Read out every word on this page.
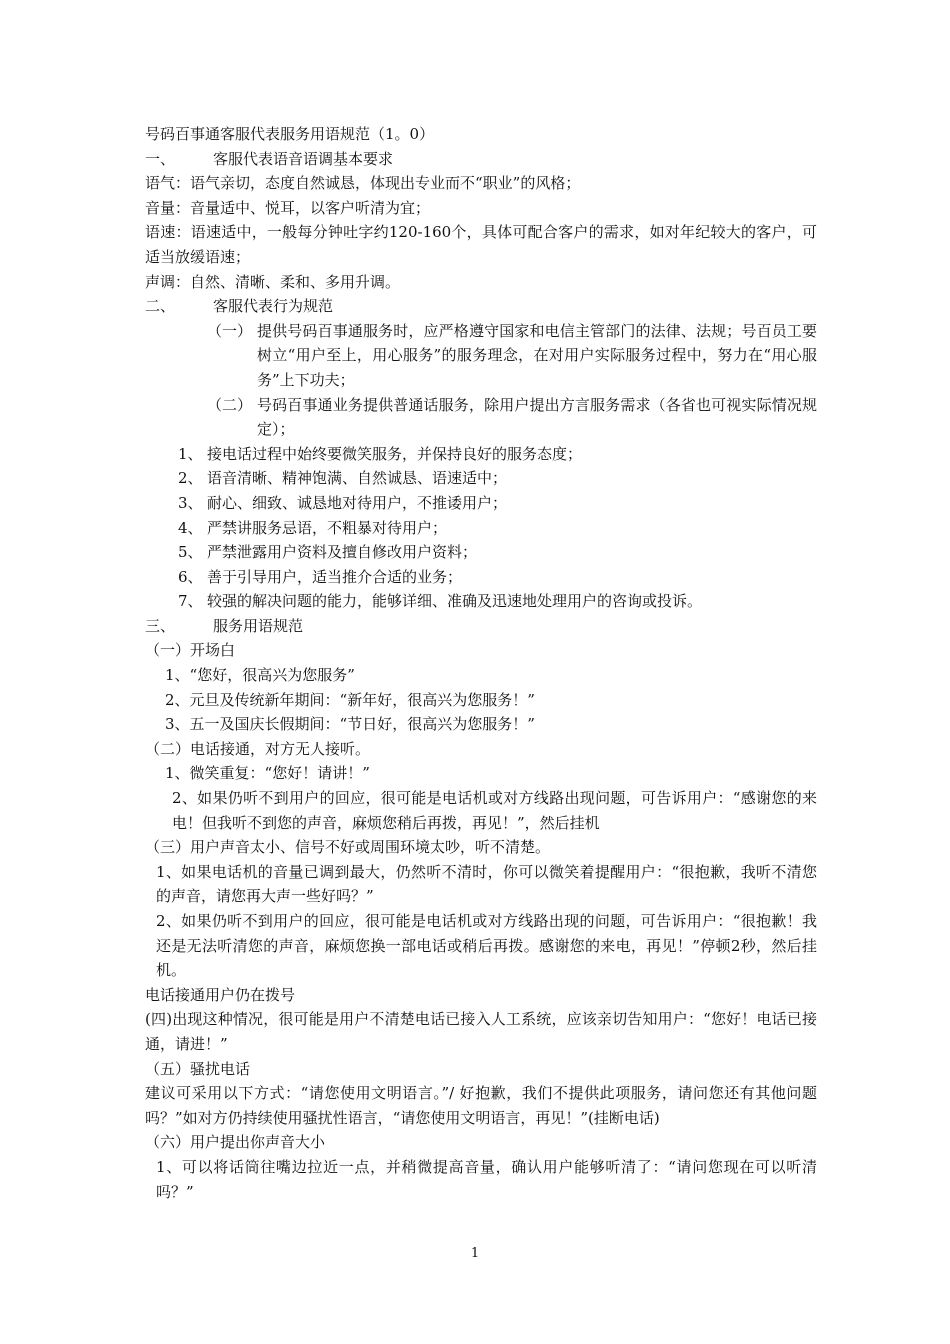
号码百事通客服代表服务用语规范（1。0）
一、	客服代表语音语调基本要求
语气：语气亲切，态度自然诚恳，体现出专业而不“职业”的风格；
音量：音量适中、悦耳，以客户听清为宜；
语速：语速适中，一般每分钟吐字约120-160个，具体可配合客户的需求，如对年纪较大的客户，可适当放缓语速；
声调：自然、清晰、柔和、多用升调。
二、	客服代表行为规范
（一） 提供号码百事通服务时，应严格遵守国家和电信主管部门的法律、法规；号百员工要树立“用户至上，用心服务”的服务理念，在对用户实际服务过程中，努力在“用心服务”上下功夫；
（二） 号码百事通业务提供普通话服务，除用户提出方言服务需求（各省也可视实际情况规定）；
1、 接电话过程中始终要微笑服务，并保持良好的服务态度；
2、 语音清晰、精神饱满、自然诚恳、语速适中；
3、 耐心、细致、诚恳地对待用户，不推诿用户；
4、 严禁讲服务忌语，不粗暴对待用户；
5、 严禁泄露用户资料及擅自修改用户资料；
6、 善于引导用户，适当推介合适的业务；
7、 较强的解决问题的能力，能够详细、准确及迅速地处理用户的咨询或投诉。
三、	服务用语规范
（一）开场白
1、“您好，很高兴为您服务”
2、元旦及传统新年期间：“新年好，很高兴为您服务！”
3、五一及国庆长假期间：“节日好，很高兴为您服务！”
（二）电话接通，对方无人接听。
1、微笑重复：“您好！请讲！”
2、如果仍听不到用户的回应，很可能是电话机或对方线路出现问题，可告诉用户：“感谢您的来电！但我听不到您的声音，麻烦您稍后再拨，再见！”，然后挂机
（三）用户声音太小、信号不好或周围环境太吵，听不清楚。
1、如果电话机的音量已调到最大，仍然听不清时，你可以微笑着提醒用户：“很抱歉，我听不清您的声音，请您再大声一些好吗？”
2、如果仍听不到用户的回应，很可能是电话机或对方线路出现的问题，可告诉用户：“很抱歉！我还是无法听清您的声音，麻烦您换一部电话或稍后再拨。感谢您的来电，再见！”停顿2秒，然后挂机。
电话接通用户仍在拨号
(四)出现这种情况，很可能是用户不清楚电话已接入人工系统，应该亲切告知用户：“您好！电话已接通，请进！”
（五）骚扰电话
建议可采用以下方式：“请您使用文明语言。”/ 好抱歉，我们不提供此项服务，请问您还有其他问题吗？”如对方仍持续使用骚扰性语言，“请您使用文明语言，再见！”(挂断电话)
（六）用户提出你声音大小
1、可以将话筒往嘴边拉近一点，并稍微提高音量，确认用户能够听清了：“请问您现在可以听清吗？”
1
